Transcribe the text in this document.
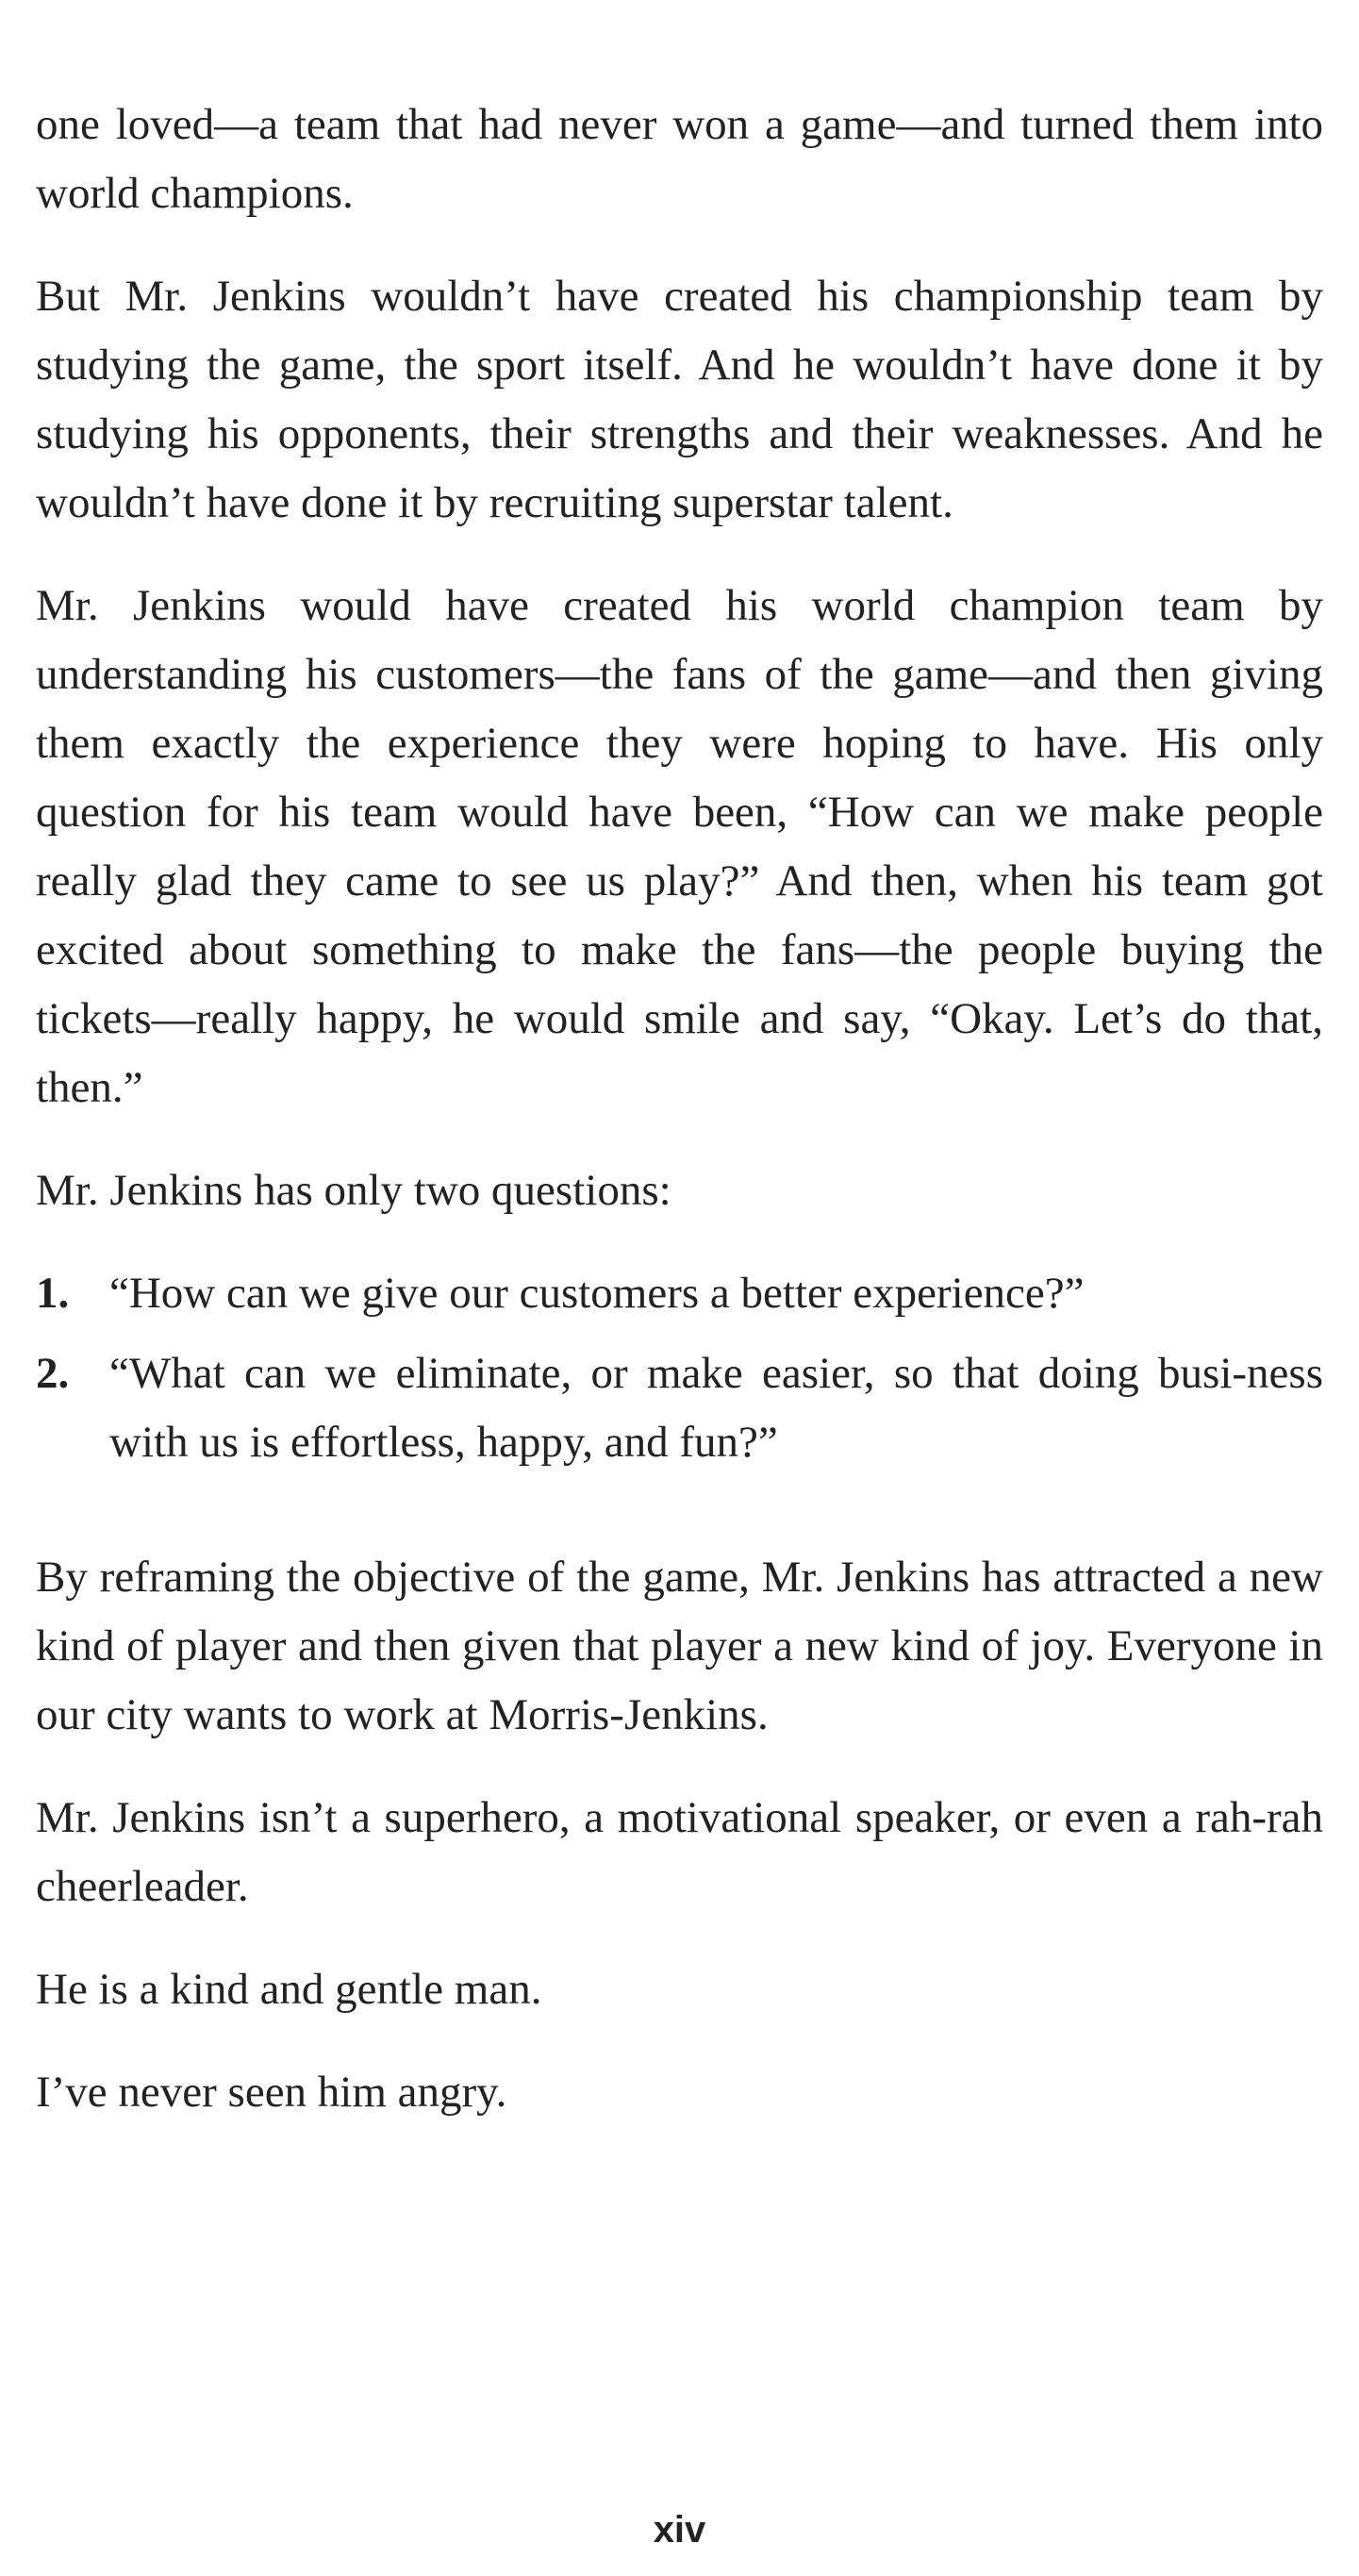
one loved—a team that had never won a game—and turned them into world champions.

But Mr. Jenkins wouldn’t have created his championship team by studying the game, the sport itself. And he wouldn’t have done it by studying his opponents, their strengths and their weaknesses. And he wouldn’t have done it by recruiting superstar talent.

Mr. Jenkins would have created his world champion team by understanding his customers—the fans of the game—and then giving them exactly the experience they were hoping to have. His only question for his team would have been, “How can we make people really glad they came to see us play?” And then, when his team got excited about something to make the fans—the people buying the tickets—really happy, he would smile and say, “Okay. Let’s do that, then.”

Mr. Jenkins has only two questions:

1. “How can we give our customers a better experience?”
2. “What can we eliminate, or make easier, so that doing busi-ness with us is effortless, happy, and fun?”

By reframing the objective of the game, Mr. Jenkins has attracted a new kind of player and then given that player a new kind of joy. Everyone in our city wants to work at Morris-Jenkins.

Mr. Jenkins isn’t a superhero, a motivational speaker, or even a rah-rah cheerleader.

He is a kind and gentle man.

I’ve never seen him angry.

xiv
